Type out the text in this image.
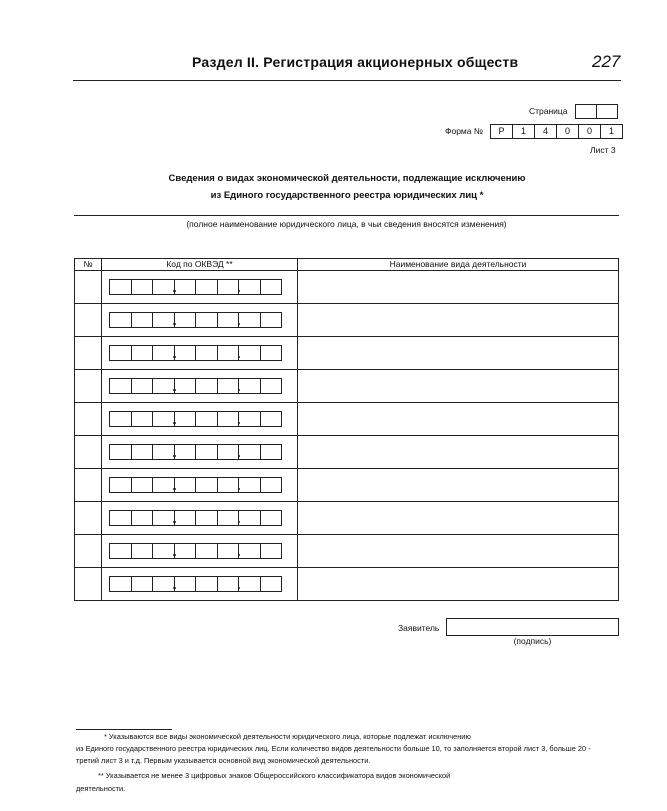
Раздел II. Регистрация акционерных обществ	227
Страница
Форма №	Р	1	4	0	0	1
Лист 3
Сведения о видах экономической деятельности, подлежащие исключению
из Единого государственного реестра юридических лиц *
(полное наименование юридического лица, в чьи сведения вносятся изменения)
№	Код по ОКВЭД **	Наименование вида деятельности

Заявитель
(подпись)
* Указываются все виды экономической деятельности юридического лица, которые подлежат исключению
из Единого государственного реестра юридических лиц. Если количество видов деятельности больше 10, то заполняется второй лист 3, больше 20 -
третий лист 3 и т.д. Первым указывается основной вид экономической деятельности.
** Указывается не менее 3 цифровых знаков Общероссийского классификатора видов экономической
деятельности.
